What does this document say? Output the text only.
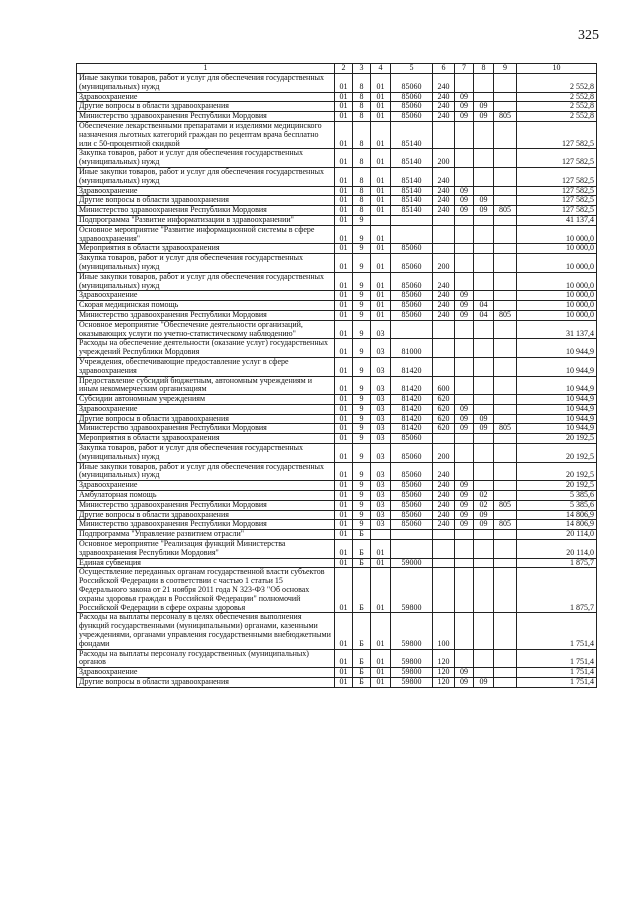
325
1	2	3	4	5	6	7	8	9	10
Иные закупки товаров, работ и услуг для обеспечения государственных (муниципальных) нужд	01	8	01	85060	240				2 552,8
Здравоохранение	01	8	01	85060	240	09			2 552,8
Другие вопросы в области здравоохранения	01	8	01	85060	240	09	09		2 552,8
Министерство здравоохранения Республики Мордовия	01	8	01	85060	240	09	09	805	2 552,8
Обеспечение лекарственными препаратами и изделиями медицинского назначения льготных категорий граждан по рецептам врача бесплатно или с 50-процентной скидкой	01	8	01	85140					127 582,5
Закупка товаров, работ и услуг для обеспечения государственных (муниципальных) нужд	01	8	01	85140	200				127 582,5
Иные закупки товаров, работ и услуг для обеспечения государственных (муниципальных) нужд	01	8	01	85140	240				127 582,5
Здравоохранение	01	8	01	85140	240	09			127 582,5
Другие вопросы в области здравоохранения	01	8	01	85140	240	09	09		127 582,5
Министерство здравоохранения Республики Мордовия	01	8	01	85140	240	09	09	805	127 582,5
Подпрограмма "Развитие информатизации в здравоохранении"	01	9							41 137,4
Основное мероприятие "Развитие информационной системы в сфере здравоохранения"	01	9	01						10 000,0
Мероприятия в области здравоохранения	01	9	01	85060					10 000,0
Закупка товаров, работ и услуг для обеспечения государственных (муниципальных) нужд	01	9	01	85060	200				10 000,0
Иные закупки товаров, работ и услуг для обеспечения государственных (муниципальных) нужд	01	9	01	85060	240				10 000,0
Здравоохранение	01	9	01	85060	240	09			10 000,0
Скорая медицинская помощь	01	9	01	85060	240	09	04		10 000,0
Министерство здравоохранения Республики Мордовия	01	9	01	85060	240	09	04	805	10 000,0
Основное мероприятие "Обеспечение деятельности организаций, оказывающих услуги по учетно-статистическому наблюдению"	01	9	03						31 137,4
Расходы на обеспечение деятельности (оказание услуг) государственных учреждений Республики Мордовия	01	9	03	81000					10 944,9
Учреждения, обеспечивающие предоставление услуг в сфере здравоохранения	01	9	03	81420					10 944,9
Предоставление субсидий бюджетным, автономным учреждениям и иным некоммерческим организациям	01	9	03	81420	600				10 944,9
Субсидии автономным учреждениям	01	9	03	81420	620				10 944,9
Здравоохранение	01	9	03	81420	620	09			10 944,9
Другие вопросы в области здравоохранения	01	9	03	81420	620	09	09		10 944,9
Министерство здравоохранения Республики Мордовия	01	9	03	81420	620	09	09	805	10 944,9
Мероприятия в области здравоохранения	01	9	03	85060					20 192,5
Закупка товаров, работ и услуг для обеспечения государственных (муниципальных) нужд	01	9	03	85060	200				20 192,5
Иные закупки товаров, работ и услуг для обеспечения государственных (муниципальных) нужд	01	9	03	85060	240				20 192,5
Здравоохранение	01	9	03	85060	240	09			20 192,5
Амбулаторная помощь	01	9	03	85060	240	09	02		5 385,6
Министерство здравоохранения Республики Мордовия	01	9	03	85060	240	09	02	805	5 385,6
Другие вопросы в области здравоохранения	01	9	03	85060	240	09	09		14 806,9
Министерство здравоохранения Республики Мордовия	01	9	03	85060	240	09	09	805	14 806,9
Подпрограмма "Управление развитием отрасли"	01	Б							20 114,0
Основное мероприятие "Реализация функций Министерства здравоохранения Республики Мордовия"	01	Б	01						20 114,0
Единая субвенция	01	Б	01	59000					1 875,7
Осуществление переданных органам государственной власти субъектов Российской Федерации в соответствии с частью 1 статьи 15 Федерального закона от 21 ноября 2011 года N 323-ФЗ "Об основах охраны здоровья граждан в Российской Федерации" полномочий Российской Федерации в сфере охраны здоровья	01	Б	01	59800					1 875,7
Расходы на выплаты персоналу в целях обеспечения выполнения функций государственными (муниципальными) органами, казенными учреждениями, органами управления государственными внебюджетными фондами	01	Б	01	59800	100				1 751,4
Расходы на выплаты персоналу государственных (муниципальных) органов	01	Б	01	59800	120				1 751,4
Здравоохранение	01	Б	01	59800	120	09			1 751,4
Другие вопросы в области здравоохранения	01	Б	01	59800	120	09	09		1 751,4
